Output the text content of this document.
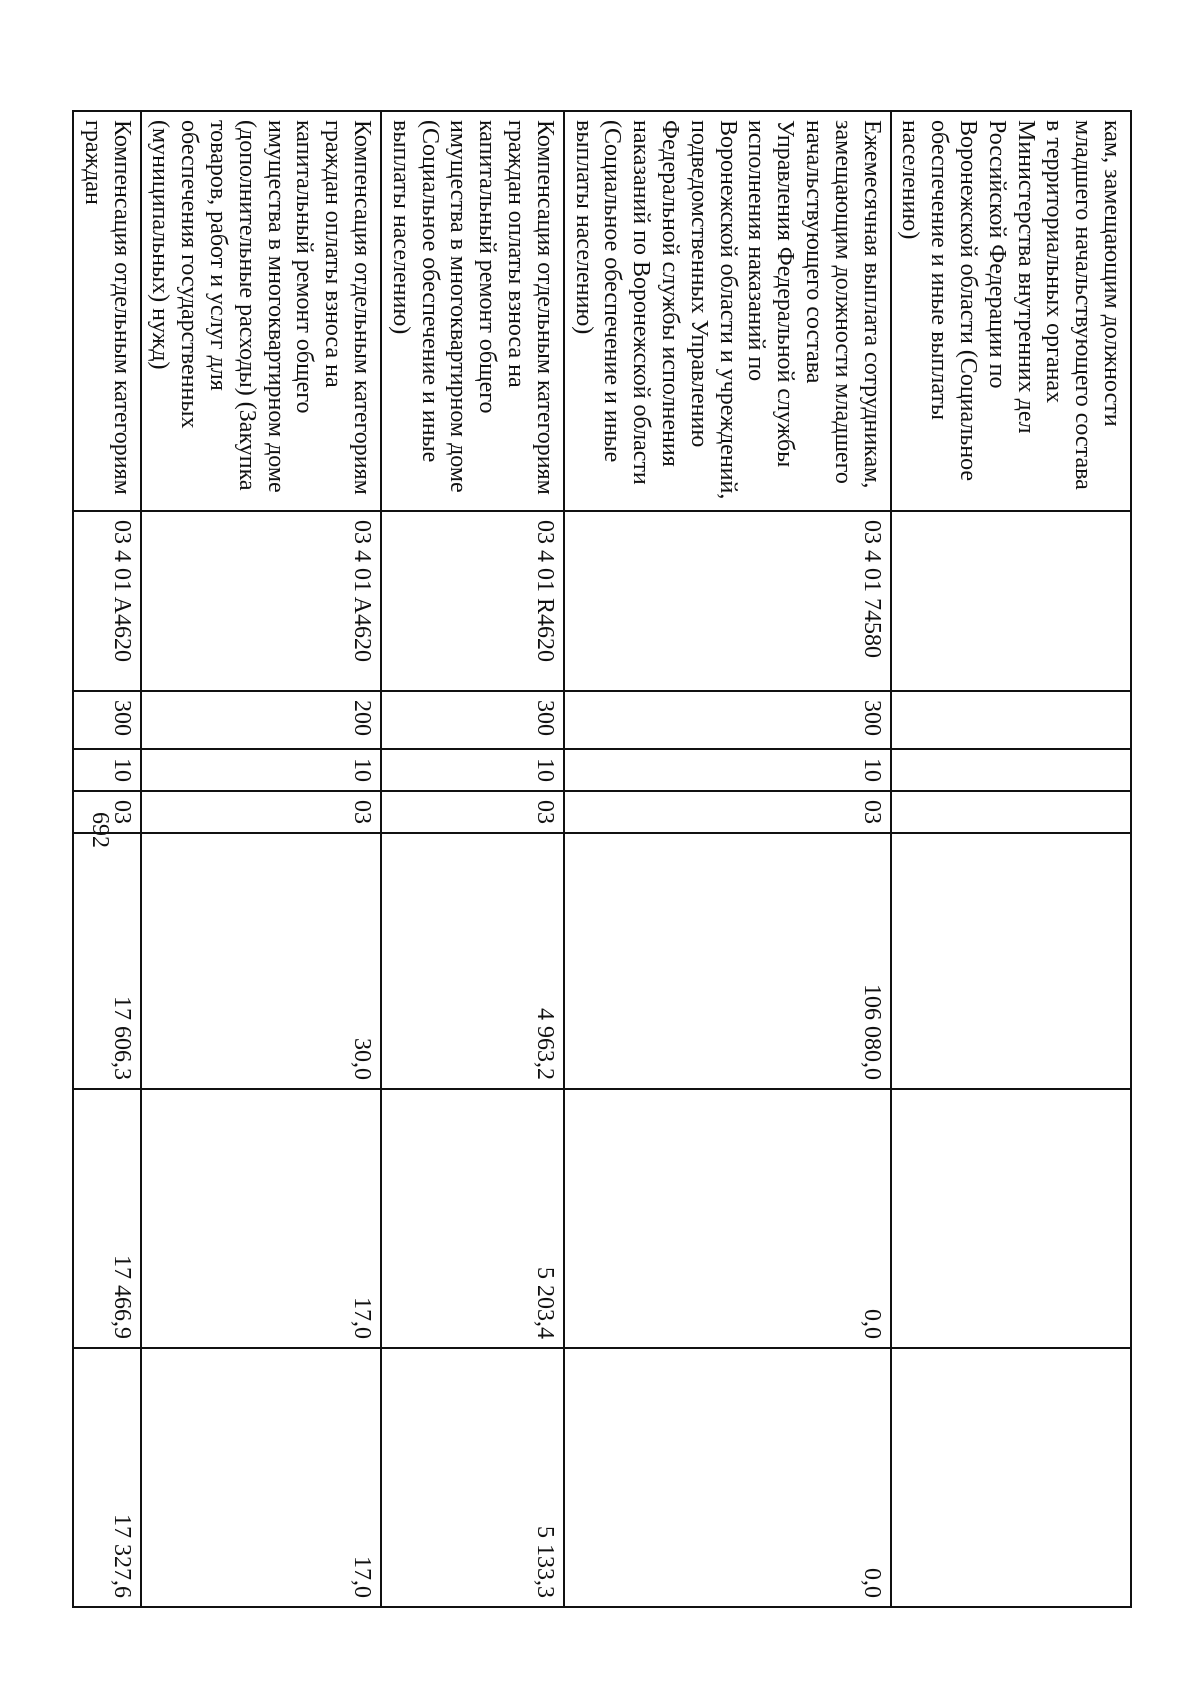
692
кам, замещающим должности младшего начальствующего состава в территориальных органах Министерства внутренних дел Российской Федерации по Воронежской области (Социальное обеспечение и иные выплаты населению)							
Ежемесячная выплата сотрудникам, замещающим должности младшего начальствующего состава Управления Федеральной службы исполнения наказаний по Воронежской области и учреждений, подведомственных Управлению Федеральной службы исполнения наказаний по Воронежской области (Социальное обеспечение и иные выплаты населению)	03 4 01 74580	300	10	03	106 080,0	0,0	0,0
Компенсация отдельным категориям граждан оплаты взноса на капитальный ремонт общего имущества в многоквартирном доме (Социальное обеспечение и иные выплаты населению)	03 4 01 R4620	300	10	03	4 963,2	5 203,4	5 133,3
Компенсация отдельным категориям граждан оплаты взноса на капитальный ремонт общего имущества в многоквартирном доме (дополнительные расходы) (Закупка товаров, работ и услуг для обеспечения государственных (муниципальных) нужд)	03 4 01 A4620	200	10	03	30,0	17,0	17,0
Компенсация отдельным категориям граждан	03 4 01 A4620	300	10	03	17 606,3	17 466,9	17 327,6
